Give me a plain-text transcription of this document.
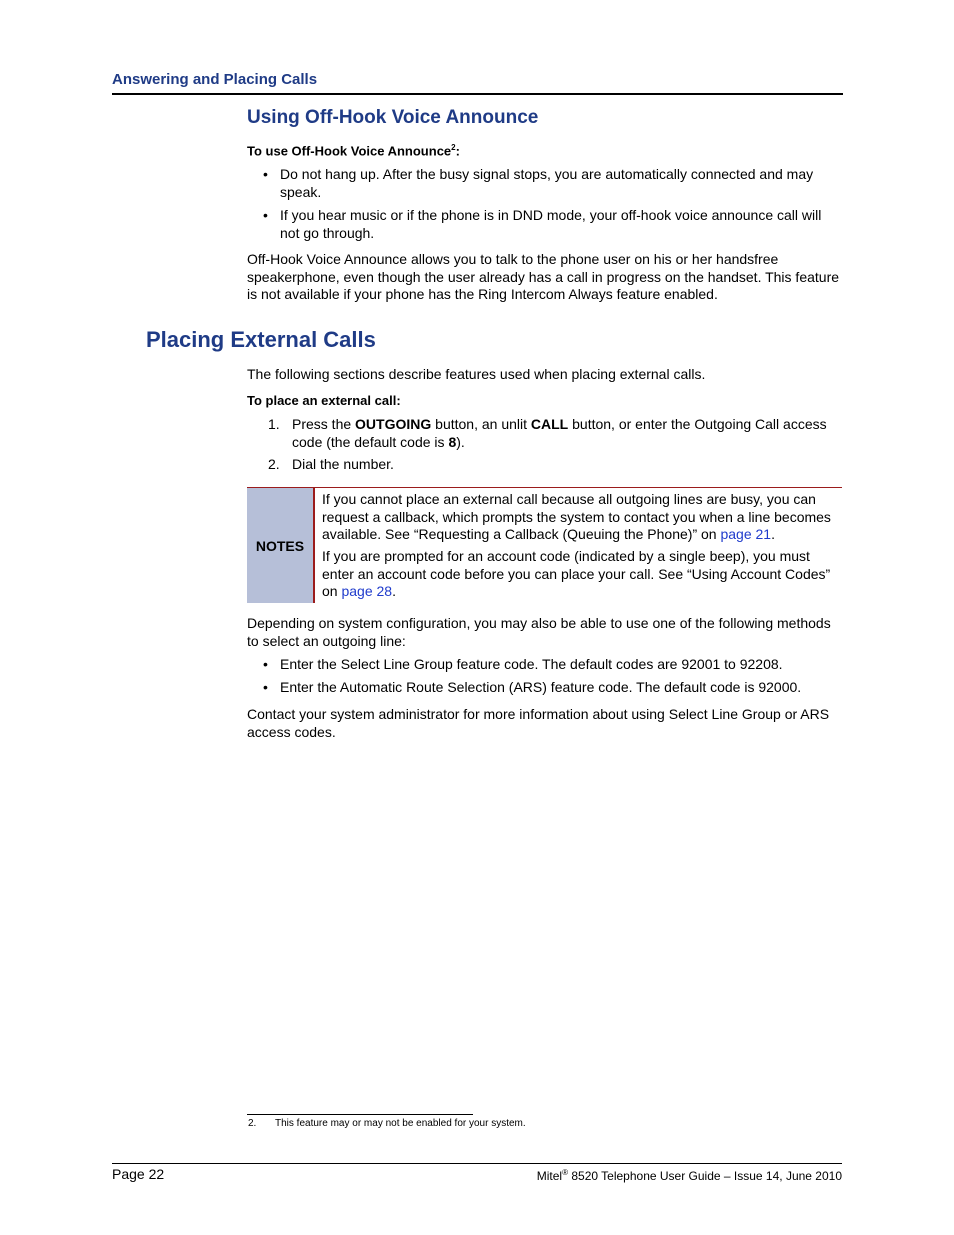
Answering and Placing Calls
Using Off-Hook Voice Announce
To use Off-Hook Voice Announce$^2$:
• Do not hang up. After the busy signal stops, you are automatically connected and may speak.
• If you hear music or if the phone is in DND mode, your off-hook voice announce call will not go through.
Off-Hook Voice Announce allows you to talk to the phone user on his or her handsfree speakerphone, even though the user already has a call in progress on the handset. This feature is not available if your phone has the Ring Intercom Always feature enabled.
Placing External Calls
The following sections describe features used when placing external calls.
To place an external call:
1. Press the OUTGOING button, an unlit CALL button, or enter the Outgoing Call access code (the default code is 8).
2. Dial the number.
NOTES
If you cannot place an external call because all outgoing lines are busy, you can request a callback, which prompts the system to contact you when a line becomes available. See “Requesting a Callback (Queuing the Phone)” on page 21.
If you are prompted for an account code (indicated by a single beep), you must enter an account code before you can place your call. See “Using Account Codes” on page 28.
Depending on system configuration, you may also be able to use one of the following methods to select an outgoing line:
• Enter the Select Line Group feature code. The default codes are 92001 to 92208.
• Enter the Automatic Route Selection (ARS) feature code. The default code is 92000.
Contact your system administrator for more information about using Select Line Group or ARS access codes.
2. This feature may or may not be enabled for your system.
Page 22	Mitel® 8520 Telephone User Guide – Issue 14, June 2010
